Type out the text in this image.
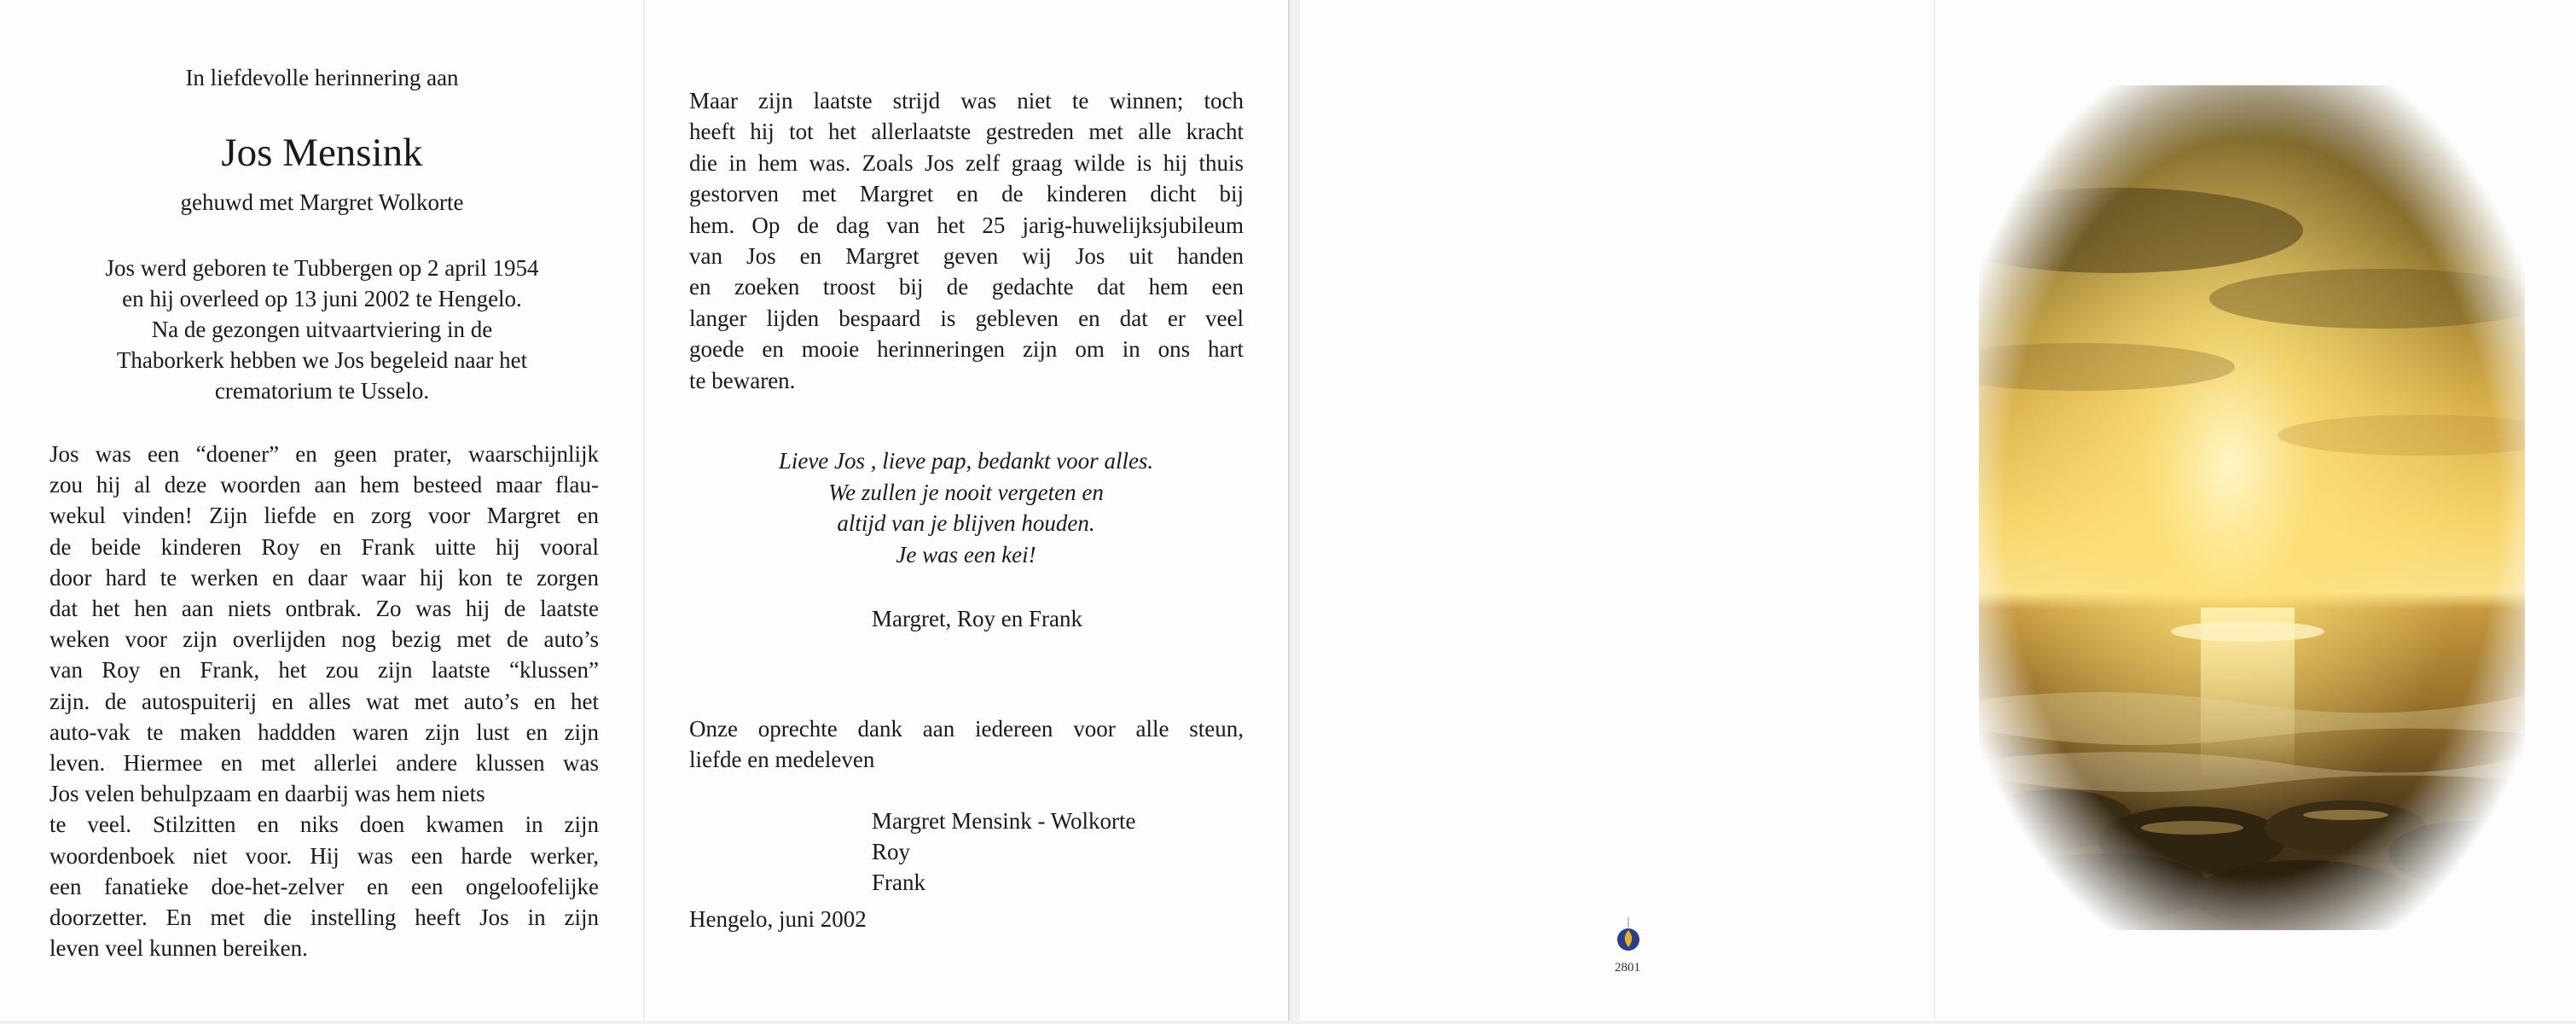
In liefdevolle herinnering aan
Jos Mensink
gehuwd met Margret Wolkorte
Jos werd geboren te Tubbergen op 2 april 1954
en hij overleed op 13 juni 2002 te Hengelo.
Na de gezongen uitvaartviering in de
Thaborkerk hebben we Jos begeleid naar het
crematorium te Usselo.
Jos was een “doener” en geen prater, waarschijnlijk
zou hij al deze woorden aan hem besteed maar flau-
wekul vinden! Zijn liefde en zorg voor Margret en
de beide kinderen Roy en Frank uitte hij vooral
door hard te werken en daar waar hij kon te zorgen
dat het hen aan niets ontbrak. Zo was hij de laatste
weken voor zijn overlijden nog bezig met de auto’s
van Roy en Frank, het zou zijn laatste “klussen”
zijn. de autospuiterij en alles wat met auto’s en het
auto-vak te maken haddden waren zijn lust en zijn
leven. Hiermee en met allerlei andere klussen was
Jos velen behulpzaam en daarbij was hem niets
te veel. Stilzitten en niks doen kwamen in zijn
woordenboek niet voor. Hij was een harde werker,
een fanatieke doe-het-zelver en een ongeloofelijke
doorzetter. En met die instelling heeft Jos in zijn
leven veel kunnen bereiken.
Maar zijn laatste strijd was niet te winnen; toch
heeft hij tot het allerlaatste gestreden met alle kracht
die in hem was. Zoals Jos zelf graag wilde is hij thuis
gestorven met Margret en de kinderen dicht bij
hem. Op de dag van het 25 jarig-huwelijksjubileum
van Jos en Margret geven wij Jos uit handen
en zoeken troost bij de gedachte dat hem een
langer lijden bespaard is gebleven en dat er veel
goede en mooie herinneringen zijn om in ons hart
te bewaren.
Lieve Jos , lieve pap, bedankt voor alles.
We zullen je nooit vergeten en
altijd van je blijven houden.
Je was een kei!
Margret, Roy en Frank
Onze oprechte dank aan iedereen voor alle steun,
liefde en medeleven
Margret Mensink - Wolkorte
Roy
Frank
Hengelo, juni 2002
2801
